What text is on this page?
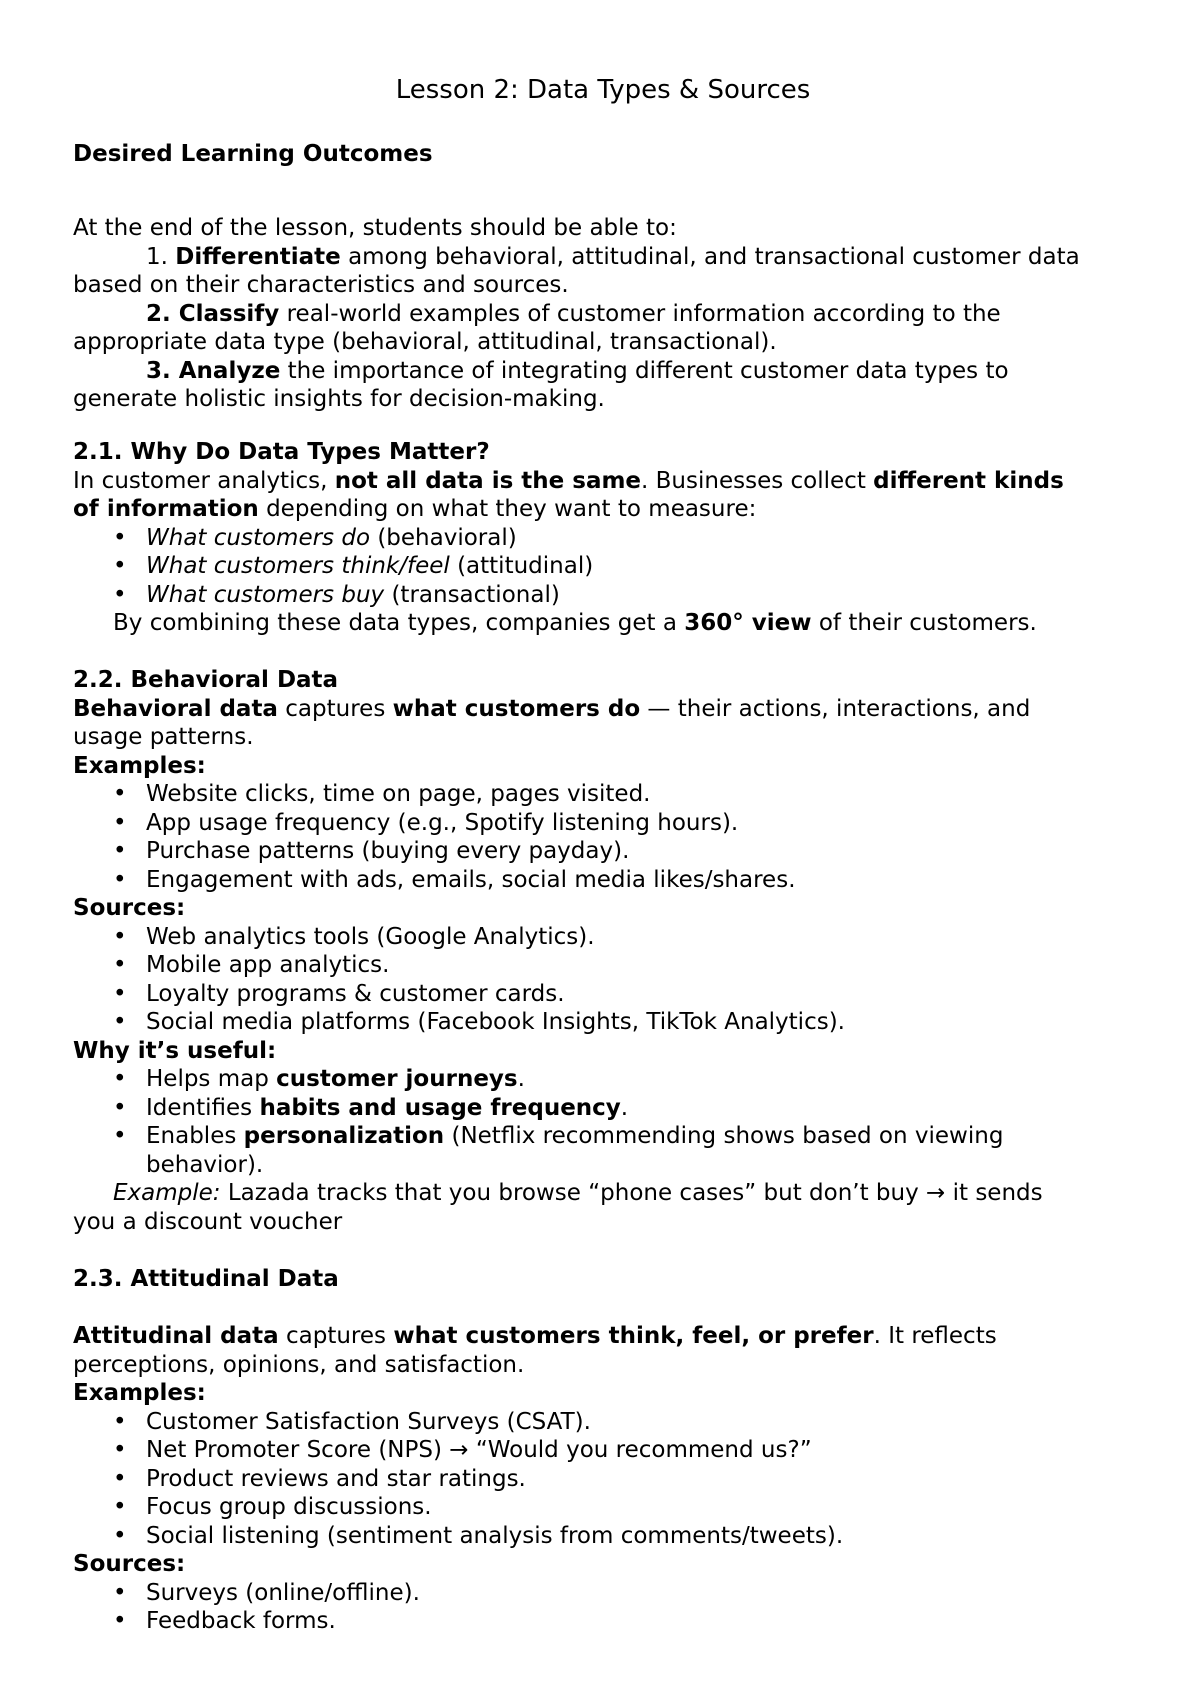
Lesson 2: Data Types & Sources
Desired Learning Outcomes
At the end of the lesson, students should be able to:
1. Differentiate among behavioral, attitudinal, and transactional customer data
based on their characteristics and sources.
2. Classify real-world examples of customer information according to the
appropriate data type (behavioral, attitudinal, transactional).
3. Analyze the importance of integrating different customer data types to
generate holistic insights for decision-making.
2.1. Why Do Data Types Matter?
In customer analytics, not all data is the same. Businesses collect different kinds
of information depending on what they want to measure:
• What customers do (behavioral)
• What customers think/feel (attitudinal)
• What customers buy (transactional)
By combining these data types, companies get a 360° view of their customers.
2.2. Behavioral Data
Behavioral data captures what customers do — their actions, interactions, and
usage patterns.
Examples:
• Website clicks, time on page, pages visited.
• App usage frequency (e.g., Spotify listening hours).
• Purchase patterns (buying every payday).
• Engagement with ads, emails, social media likes/shares.
Sources:
• Web analytics tools (Google Analytics).
• Mobile app analytics.
• Loyalty programs & customer cards.
• Social media platforms (Facebook Insights, TikTok Analytics).
Why it’s useful:
• Helps map customer journeys.
• Identifies habits and usage frequency.
• Enables personalization (Netflix recommending shows based on viewing
behavior).
Example: Lazada tracks that you browse “phone cases” but don’t buy → it sends
you a discount voucher
2.3. Attitudinal Data
Attitudinal data captures what customers think, feel, or prefer. It reflects
perceptions, opinions, and satisfaction.
Examples:
• Customer Satisfaction Surveys (CSAT).
• Net Promoter Score (NPS) → “Would you recommend us?”
• Product reviews and star ratings.
• Focus group discussions.
• Social listening (sentiment analysis from comments/tweets).
Sources:
• Surveys (online/offline).
• Feedback forms.
